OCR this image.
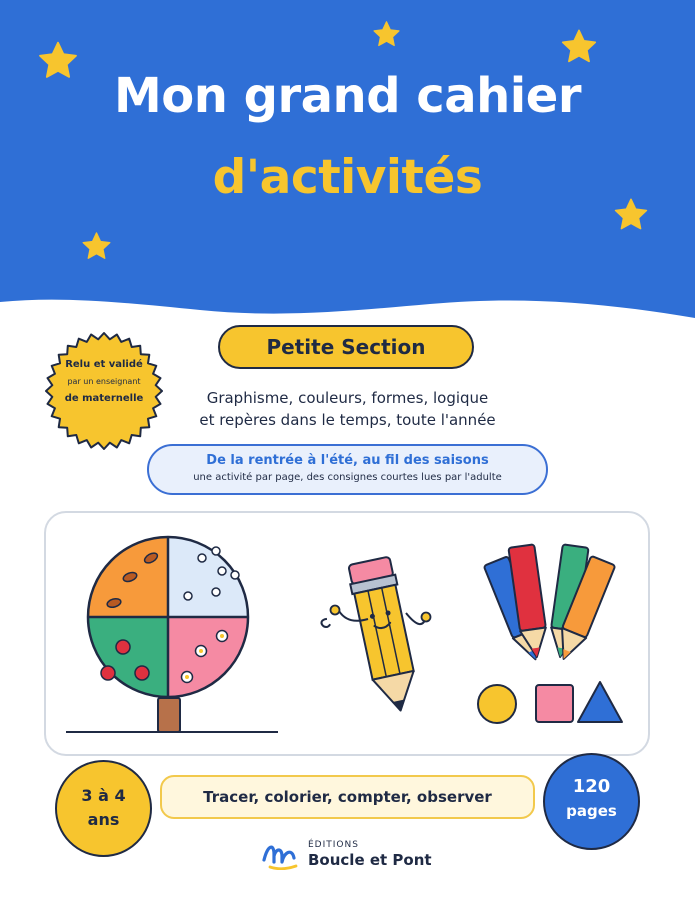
Mon grand cahier
d'activités
Relu et validé
par un enseignant
de maternelle
Petite Section
Graphisme, couleurs, formes, logique
et repères dans le temps, toute l'année
De la rentrée à l'été, au fil des saisons
une activité par page, des consignes courtes lues par l'adulte
3 à 4
ans
Tracer, colorier, compter, observer	120
pages
ÉDITIONS
Boucle et Pont
